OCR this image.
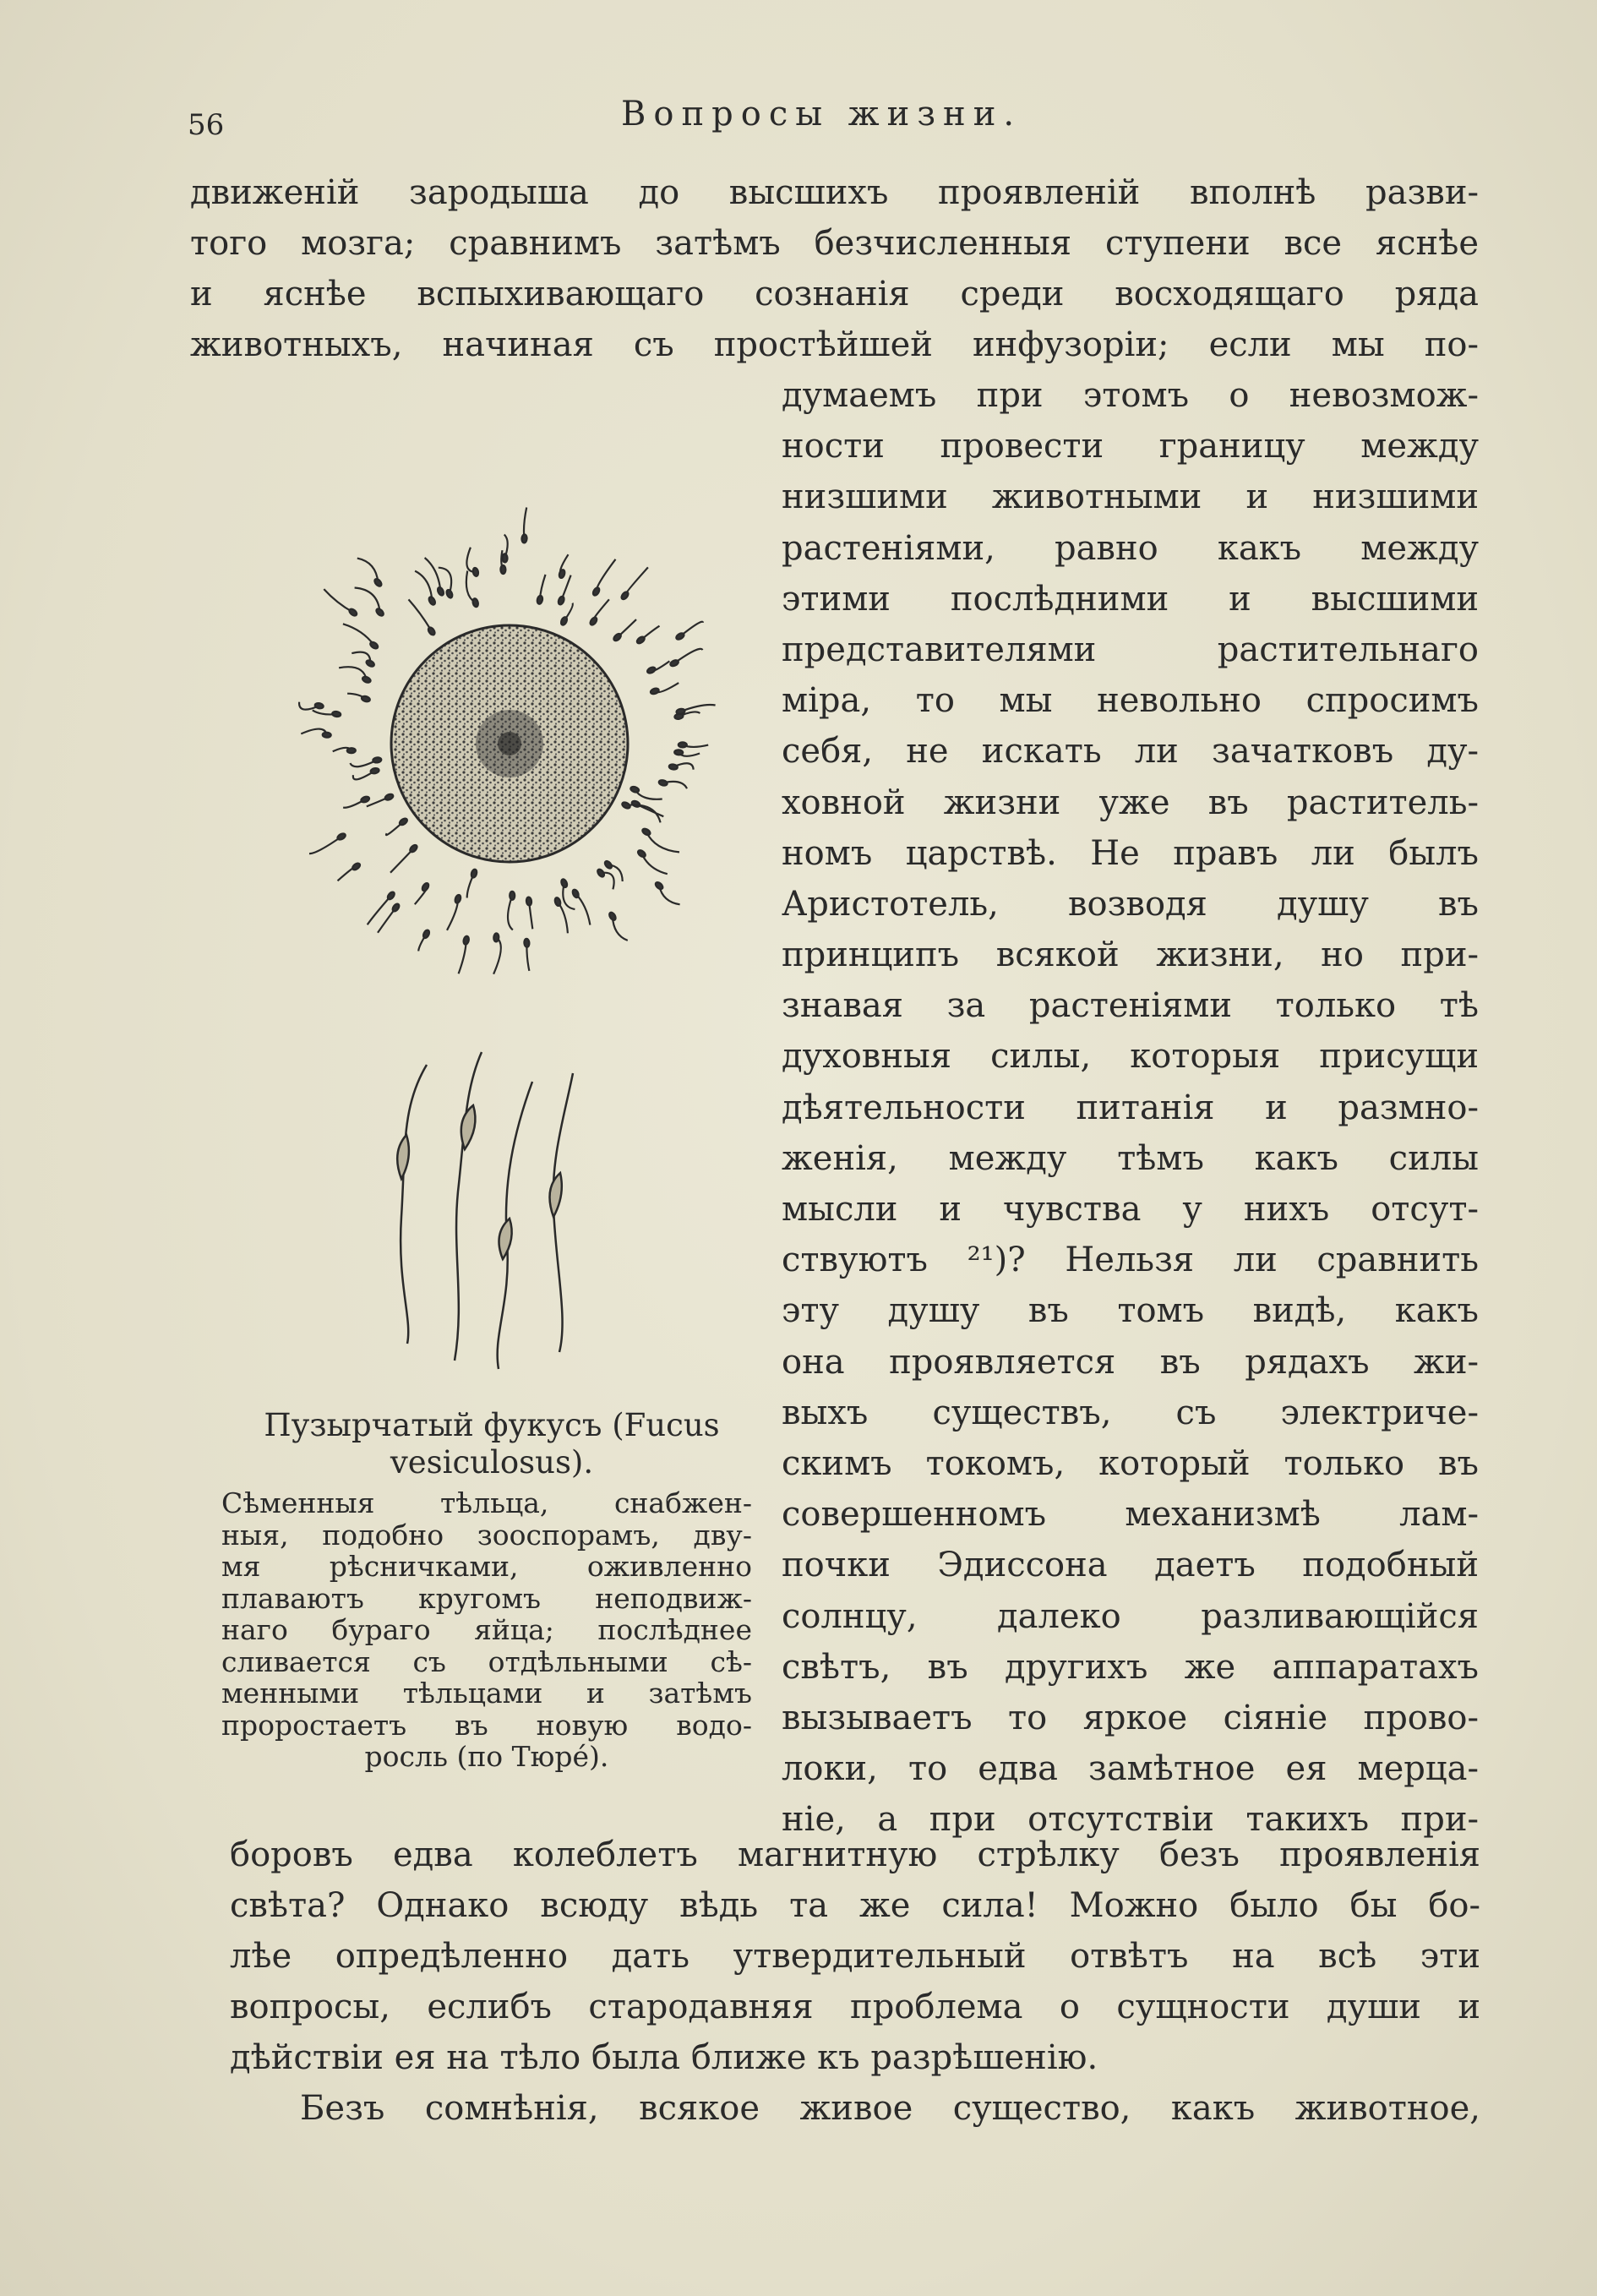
56	Вопросы жизни.
движенiй зародыша до высшихъ проявленiй вполнѣ разви-
того мозга; сравнимъ затѣмъ безчисленныя ступени все яснѣе
и яснѣе вспыхивающаго сознанiя среди восходящаго ряда
животныхъ, начиная съ простѣйшей инфузорiи; если мы по-
думаемъ при этомъ о невозмож-
ности провести границу между
низшими животными и низшими
растенiями, равно какъ между
этими послѣдними и высшими
представителями растительнаго
мiра, то мы невольно спросимъ
себя, не искать ли зачатковъ ду-
ховной жизни уже въ раститель-
номъ царствѣ. Не правъ ли былъ
Аристотель, возводя душу въ
принципъ всякой жизни, но при-
знавая за растенiями только тѣ
духовныя силы, которыя присущи
дѣятельности питанiя и размно-
женiя, между тѣмъ какъ силы
мысли и чувства у нихъ отсут-
ствуютъ ²¹)? Нельзя ли сравнить
эту душу въ томъ видѣ, какъ
она проявляется въ рядахъ жи-
выхъ существъ, съ электриче-
скимъ токомъ, который только въ
совершенномъ механизмѣ лам-
почки Эдиссона даетъ подобный
солнцу, далеко разливающiйся
свѣтъ, въ другихъ же аппаратахъ
вызываетъ то яркое сiянiе прово-
локи, то едва замѣтное ея мерца-
нiе, а при отсутствiи такихъ при-
Пузырчатый фукусъ (Fucus
vesiculosus).
Сѣменныя тѣльца, снабжен-
ныя, подобно зооспорамъ, дву-
мя рѣсничками, оживленно
плаваютъ кругомъ неподвиж-
наго бураго яйца; послѣднее
сливается съ отдѣльными сѣ-
менными тѣльцами и затѣмъ
проростаетъ въ новую водо-
росль (по Тюрé).
боровъ едва колеблетъ магнитную стрѣлку безъ проявленiя
свѣта? Однако всюду вѣдь та же сила! Можно было бы бо-
лѣе опредѣленно дать утвердительный отвѣтъ на всѣ эти
вопросы, еслибъ стародавняя проблема о сущности души и
дѣйствiи ея на тѣло была ближе къ разрѣшенiю.
Безъ сомнѣнiя, всякое живое существо, какъ животное,
